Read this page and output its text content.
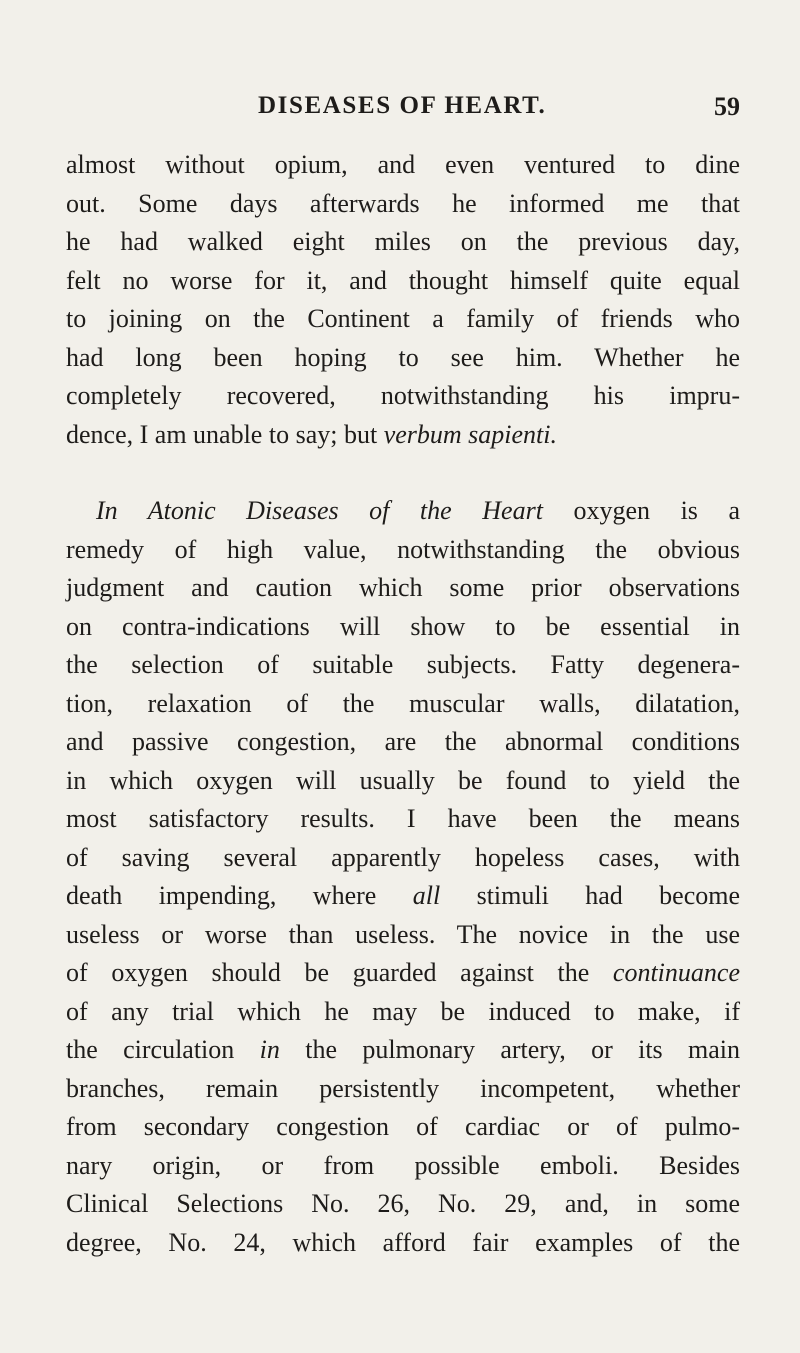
DISEASES OF HEART.	59
almost without opium, and even ventured to dine
out. Some days afterwards he informed me that
he had walked eight miles on the previous day,
felt no worse for it, and thought himself quite equal
to joining on the Continent a family of friends who
had long been hoping to see him. Whether he
completely recovered, notwithstanding his impru-
dence, I am unable to say; but verbum sapienti.
In Atonic Diseases of the Heart oxygen is a
remedy of high value, notwithstanding the obvious
judgment and caution which some prior observations
on contra-indications will show to be essential in
the selection of suitable subjects. Fatty degenera-
tion, relaxation of the muscular walls, dilatation,
and passive congestion, are the abnormal conditions
in which oxygen will usually be found to yield the
most satisfactory results. I have been the means
of saving several apparently hopeless cases, with
death impending, where all stimuli had become
useless or worse than useless. The novice in the use
of oxygen should be guarded against the continuance
of any trial which he may be induced to make, if
the circulation in the pulmonary artery, or its main
branches, remain persistently incompetent, whether
from secondary congestion of cardiac or of pulmo-
nary origin, or from possible emboli. Besides
Clinical Selections No. 26, No. 29, and, in some
degree, No. 24, which afford fair examples of the
